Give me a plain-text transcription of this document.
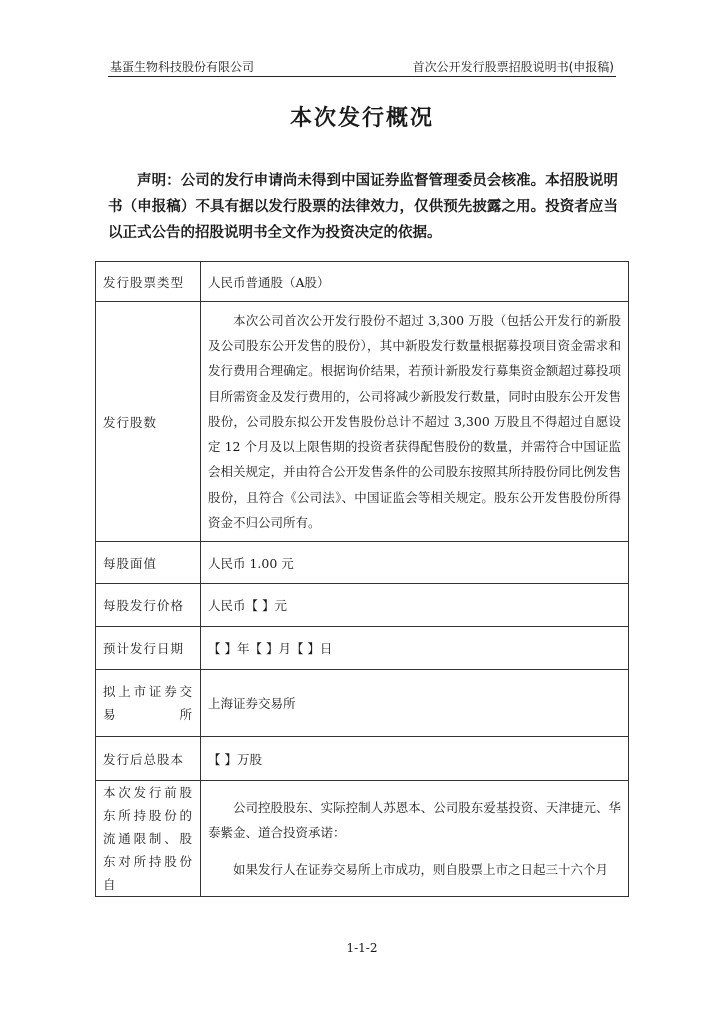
基蛋生物科技股份有限公司	首次公开发行股票招股说明书(申报稿)
本次发行概况

声明：公司的发行申请尚未得到中国证券监督管理委员会核准。本招股说明书（申报稿）不具有据以发行股票的法律效力，仅供预先披露之用。投资者应当以正式公告的招股说明书全文作为投资决定的依据。

发行股票类型	人民币普通股（A股）
发行股数	本次公司首次公开发行股份不超过 3,300 万股（包括公开发行的新股及公司股东公开发售的股份），其中新股发行数量根据募投项目资金需求和发行费用合理确定。根据询价结果，若预计新股发行募集资金额超过募投项目所需资金及发行费用的，公司将减少新股发行数量，同时由股东公开发售股份，公司股东拟公开发售股份总计不超过 3,300 万股且不得超过自愿设定 12 个月及以上限售期的投资者获得配售股份的数量，并需符合中国证监会相关规定，并由符合公开发售条件的公司股东按照其所持股份同比例发售股份，且符合《公司法》、中国证监会等相关规定。股东公开发售股份所得资金不归公司所有。

每股面值	人民币 1.00 元
每股发行价格	人民币【 】元
预计发行日期	【 】年【 】月【 】日

拟上市证券交易所	上海证券交易所
发行后总股本	【 】万股

本次发行前股东所持股份的流通限制、股东对所持股份自	公司控股股东、实际控制人苏恩本、公司股东爱基投资、天津捷元、华泰紫金、道合投资承诺：

如果发行人在证券交易所上市成功，则自股票上市之日起三十六个月

1-1-2
